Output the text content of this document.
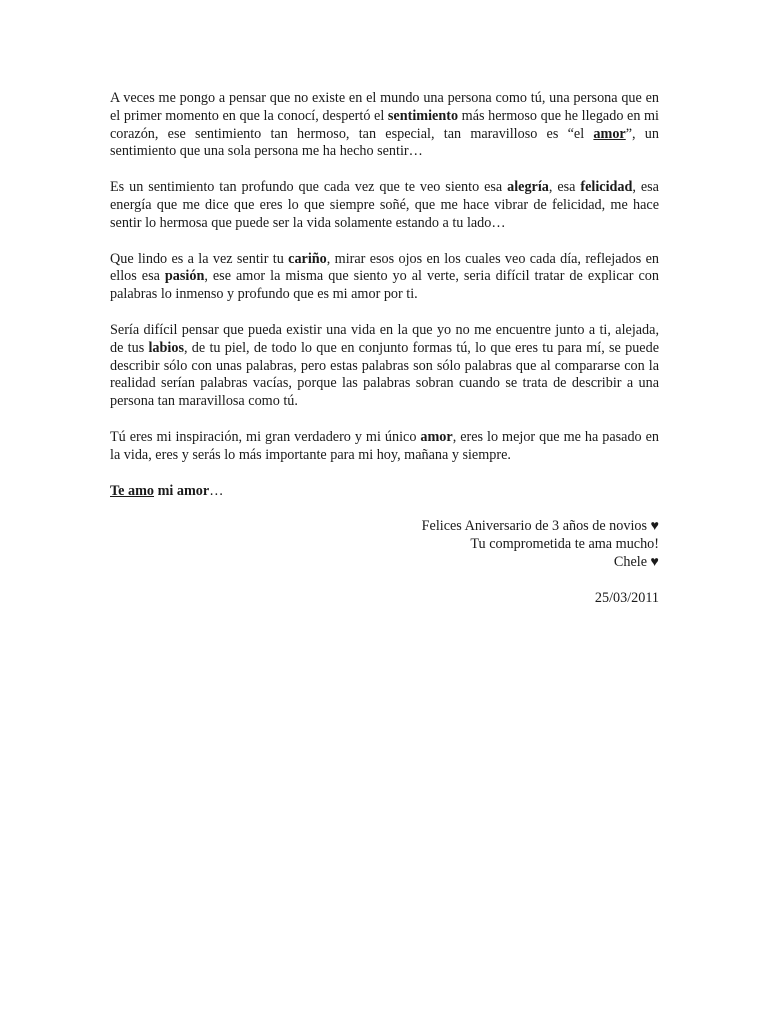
A veces me pongo a pensar que no existe en el mundo una persona como tú, una persona que en el primer momento en que la conocí, despertó el sentimiento más hermoso que he llegado en mi corazón, ese sentimiento tan hermoso, tan especial, tan maravilloso es “el amor”, un sentimiento que una sola persona me ha hecho sentir…

Es un sentimiento tan profundo que cada vez que te veo siento esa alegría, esa felicidad, esa energía que me dice que eres lo que siempre soñé, que me hace vibrar de felicidad, me hace sentir lo hermosa que puede ser la vida solamente estando a tu lado…

Que lindo es a la vez sentir tu cariño, mirar esos ojos en los cuales veo cada día, reflejados en ellos esa pasión, ese amor la misma que siento yo al verte, seria difícil tratar de explicar con palabras lo inmenso y profundo que es mi amor por ti.

Sería difícil pensar que pueda existir una vida en la que yo no me encuentre junto a ti, alejada, de tus labios, de tu piel, de todo lo que en conjunto formas tú, lo que eres tu para mí, se puede describir sólo con unas palabras, pero estas palabras son sólo palabras que al compararse con la realidad serían palabras vacías, porque las palabras sobran cuando se trata de describir a una persona tan maravillosa como tú.

Tú eres mi inspiración, mi gran verdadero y mi único amor, eres lo mejor que me ha pasado en la vida, eres y serás lo más importante para mi hoy, mañana y siempre.

Te amo mi amor…

Felices Aniversario de 3 años de novios ♥

Tu comprometida te ama mucho!

Chele ♥

25/03/2011
